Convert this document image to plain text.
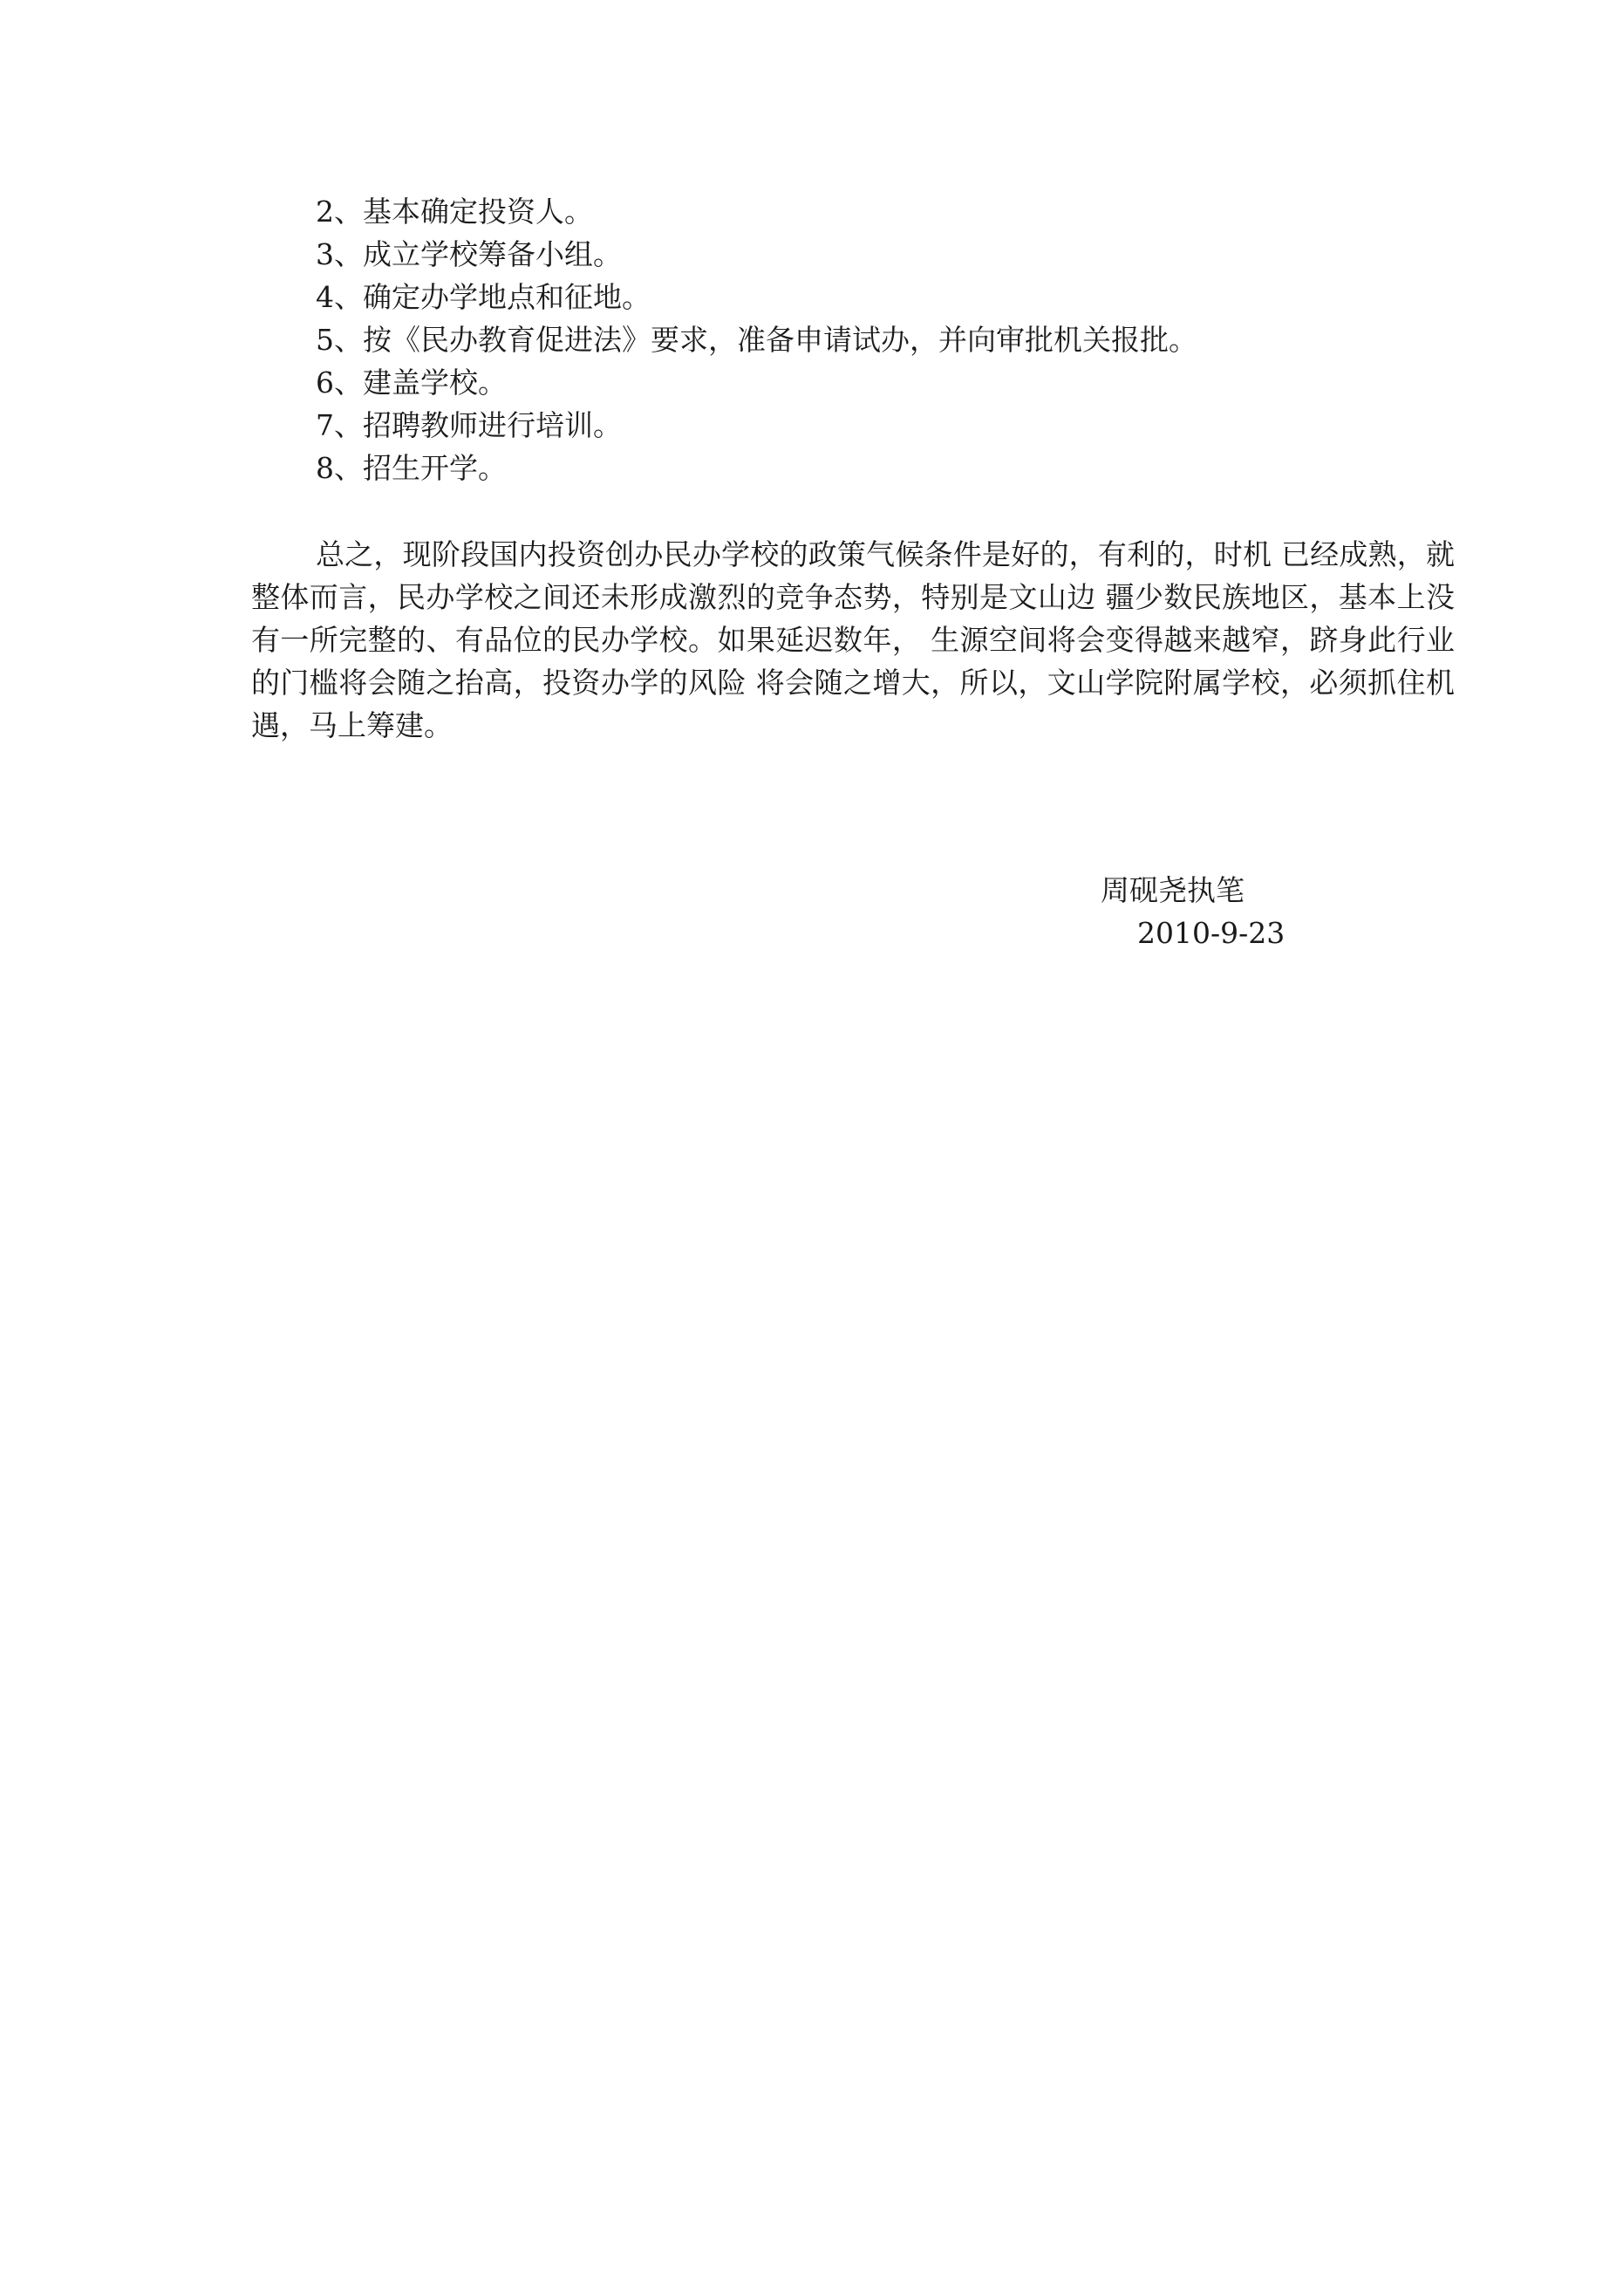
2、基本确定投资人。
3、成立学校筹备小组。
4、确定办学地点和征地。
5、按《民办教育促进法》要求，准备申请试办，并向审批机关报批。
6、建盖学校。
7、招聘教师进行培训。
8、招生开学。

总之，现阶段国内投资创办民办学校的政策气候条件是好的，有利的，时机 已经成熟，就整体而言，民办学校之间还未形成激烈的竞争态势，特别是文山边 疆少数民族地区，基本上没有一所完整的、有品位的民办学校。如果延迟数年， 生源空间将会变得越来越窄，跻身此行业的门槛将会随之抬高，投资办学的风险 将会随之增大，所以，文山学院附属学校，必须抓住机遇，马上筹建。

周砚尧执笔
2010-9-23
